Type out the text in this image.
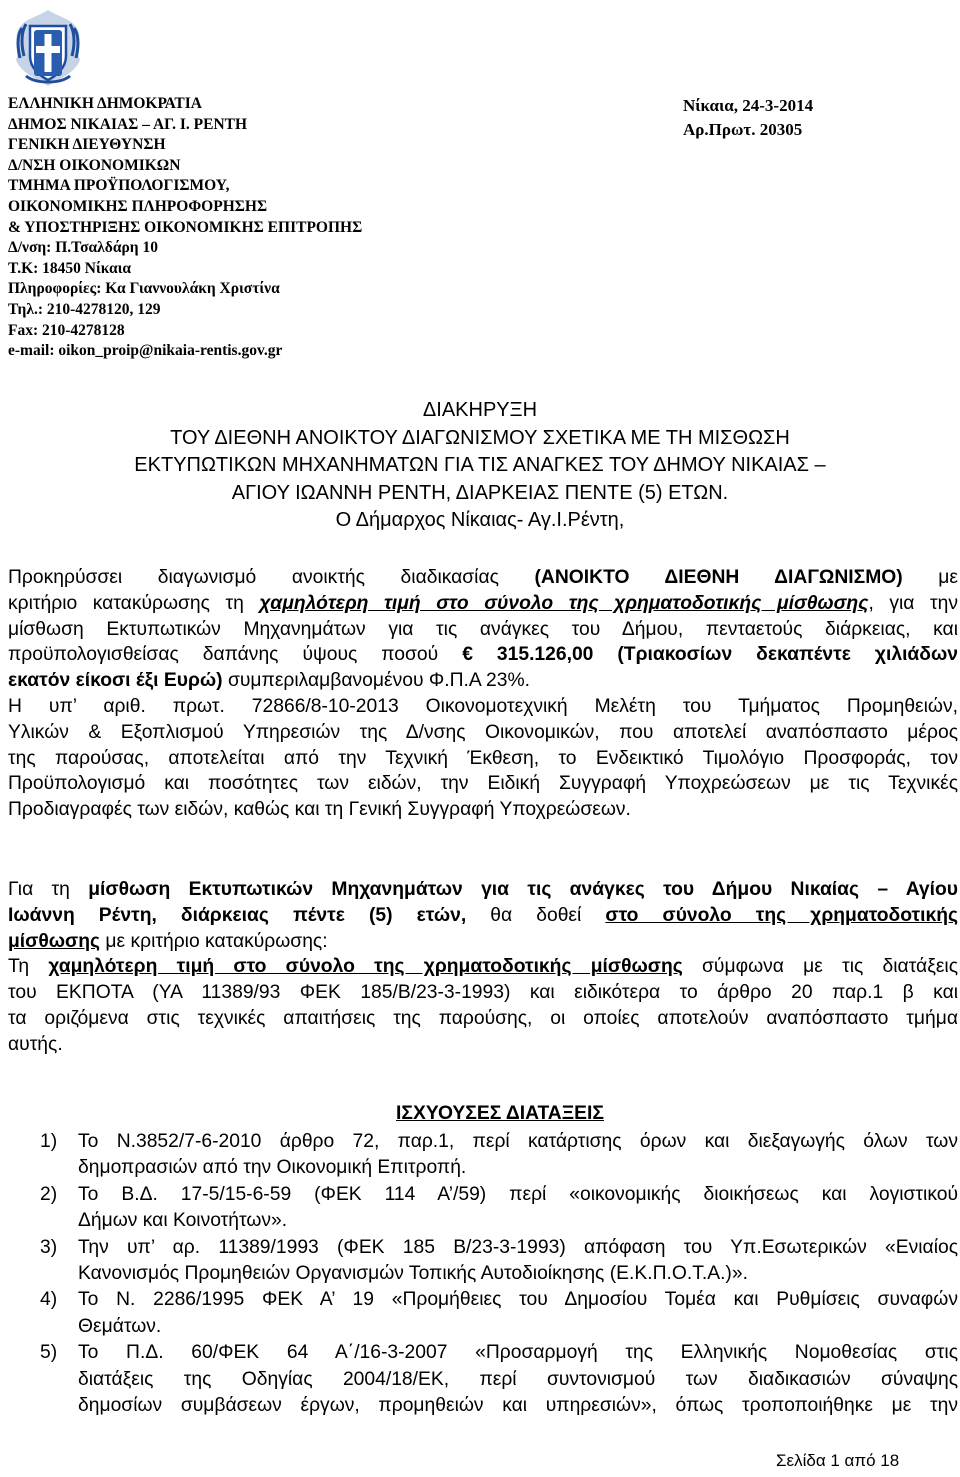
ΕΛΛΗΝΙΚΗ ΔΗΜΟΚΡΑΤΙΑ
ΔΗΜΟΣ ΝΙΚΑΙΑΣ – ΑΓ. Ι. ΡΕΝΤΗ
ΓΕΝΙΚΗ ΔΙΕΥΘΥΝΣΗ
Δ/ΝΣΗ ΟΙΚΟΝΟΜΙΚΩΝ
ΤΜΗΜΑ ΠΡΟΫΠΟΛΟΓΙΣΜΟΥ,
ΟΙΚΟΝΟΜΙΚΗΣ ΠΛΗΡΟΦΟΡΗΣΗΣ
& ΥΠΟΣΤΗΡΙΞΗΣ ΟΙΚΟΝΟΜΙΚΗΣ ΕΠΙΤΡΟΠΗΣ
Δ/νση: Π.Τσαλδάρη 10
Τ.Κ: 18450 Νίκαια
Πληροφορίες: Κα Γιαννουλάκη Χριστίνα
Τηλ.: 210-4278120, 129
Fax: 210-4278128
e-mail: oikon_proip@nikaia-rentis.gov.gr
Νίκαια, 24-3-2014
Αρ.Πρωτ. 20305
ΔΙΑΚΗΡΥΞΗ
ΤΟΥ ΔΙΕΘΝΗ ΑΝΟΙΚΤΟΥ ΔΙΑΓΩΝΙΣΜΟΥ ΣΧΕΤΙΚΑ ΜΕ ΤΗ ΜΙΣΘΩΣΗ
ΕΚΤΥΠΩΤΙΚΩΝ ΜΗΧΑΝΗΜΑΤΩΝ ΓΙΑ ΤΙΣ ΑΝΑΓΚΕΣ ΤΟΥ ΔΗΜΟΥ ΝΙΚΑΙΑΣ –
ΑΓΙΟΥ ΙΩΑΝΝΗ ΡΕΝΤΗ, ΔΙΑΡΚΕΙΑΣ ΠΕΝΤΕ (5) ΕΤΩΝ.
Ο Δήμαρχος Νίκαιας- Αγ.Ι.Ρέντη,
Προκηρύσσει διαγωνισμό ανοικτής διαδικασίας (ΑΝΟΙΚΤΟ ΔΙΕΘΝΗ ΔΙΑΓΩΝΙΣΜΟ) με
κριτήριο κατακύρωσης τη χαμηλότερη τιμή στο σύνολο της χρηματοδοτικής μίσθωσης, για την
μίσθωση Εκτυπωτικών Μηχανημάτων για τις ανάγκες του Δήμου, πενταετούς διάρκειας, και
προϋπολογισθείσας δαπάνης ύψους ποσού € 315.126,00 (Τριακοσίων δεκαπέντε χιλιάδων
εκατόν είκοσι έξι Ευρώ) συμπεριλαμβανομένου Φ.Π.Α 23%.
Η υπ’ αριθ. πρωτ. 72866/8-10-2013 Οικονομοτεχνική Μελέτη του Τμήματος Προμηθειών,
Υλικών & Εξοπλισμού Υπηρεσιών της Δ/νσης Οικονομικών, που αποτελεί αναπόσπαστο μέρος
της παρούσας, αποτελείται από την Τεχνική Έκθεση, το Ενδεικτικό Τιμολόγιο Προσφοράς, τον
Προϋπολογισμό και ποσότητες των ειδών, την Ειδική Συγγραφή Υποχρεώσεων με τις Τεχνικές
Προδιαγραφές των ειδών, καθώς και τη Γενική Συγγραφή Υποχρεώσεων.
Για τη μίσθωση Εκτυπωτικών Μηχανημάτων για τις ανάγκες του Δήμου Νικαίας – Αγίου
Ιωάννη Ρέντη, διάρκειας πέντε (5) ετών, θα δοθεί στο σύνολο της χρηματοδοτικής
μίσθωσης με κριτήριο κατακύρωσης:
Τη χαμηλότερη τιμή στο σύνολο της χρηματοδοτικής μίσθωσης σύμφωνα με τις διατάξεις
του ΕΚΠΟΤΑ (ΥΑ 11389/93 ΦΕΚ 185/Β/23-3-1993) και ειδικότερα το άρθρο 20 παρ.1 β και
τα οριζόμενα στις τεχνικές απαιτήσεις της παρούσης, οι οποίες αποτελούν αναπόσπαστο τμήμα
αυτής.
ΙΣΧΥΟΥΣΕΣ ΔΙΑΤΑΞΕΙΣ
1) Το Ν.3852/7-6-2010 άρθρο 72, παρ.1, περί κατάρτισης όρων και διεξαγωγής όλων των
δημοπρασιών από την Οικονομική Επιτροπή.
2) Το Β.Δ. 17-5/15-6-59 (ΦΕΚ 114 Α’/59) περί «οικονομικής διοικήσεως και λογιστικού
Δήμων και Κοινοτήτων».
3) Την υπ’ αρ. 11389/1993 (ΦΕΚ 185 Β/23-3-1993) απόφαση του Υπ.Εσωτερικών «Ενιαίος
Κανονισμός Προμηθειών Οργανισμών Τοπικής Αυτοδιοίκησης (Ε.Κ.Π.Ο.Τ.Α.)».
4) Το Ν. 2286/1995 ΦΕΚ Α’ 19 «Προμήθειες του Δημοσίου Τομέα και Ρυθμίσεις συναφών
Θεμάτων.
5) Το Π.Δ. 60/ΦΕΚ 64 Α΄/16-3-2007 «Προσαρμογή της Ελληνικής Νομοθεσίας στις
διατάξεις της Οδηγίας 2004/18/ΕΚ, περί συντονισμού των διαδικασιών σύναψης
δημοσίων συμβάσεων έργων, προμηθειών και υπηρεσιών», όπως τροποποιήθηκε με την
Σελίδα 1 από 18
